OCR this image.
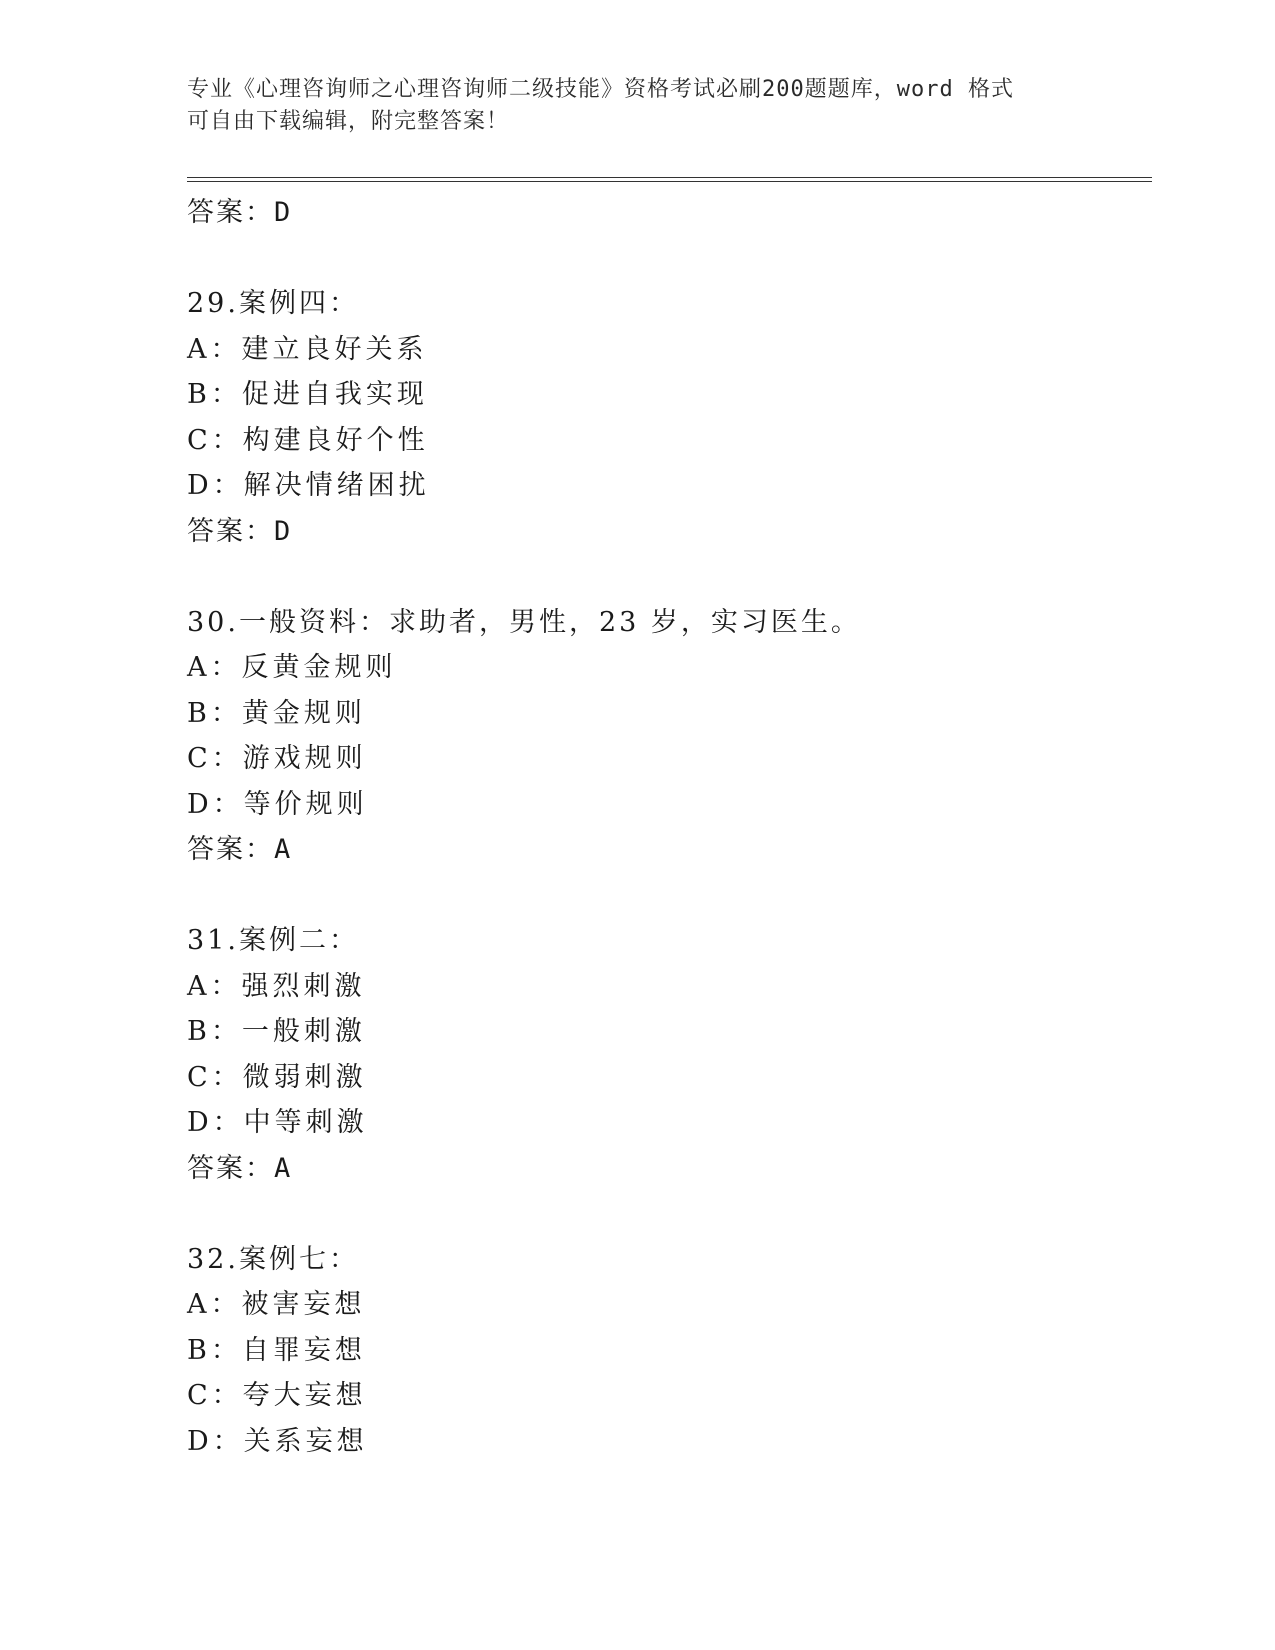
专业《心理咨询师之心理咨询师二级技能》资格考试必刷200题题库，word 格式
可自由下载编辑，附完整答案！
答案：D
29.案例四：
A：建立良好关系
B：促进自我实现
C：构建良好个性
D：解决情绪困扰
答案：D
30.一般资料：求助者，男性，23 岁，实习医生。
A：反黄金规则
B：黄金规则
C：游戏规则
D：等价规则
答案：A
31.案例二：
A：强烈刺激
B：一般刺激
C：微弱刺激
D：中等刺激
答案：A
32.案例七：
A：被害妄想
B：自罪妄想
C：夸大妄想
D：关系妄想
